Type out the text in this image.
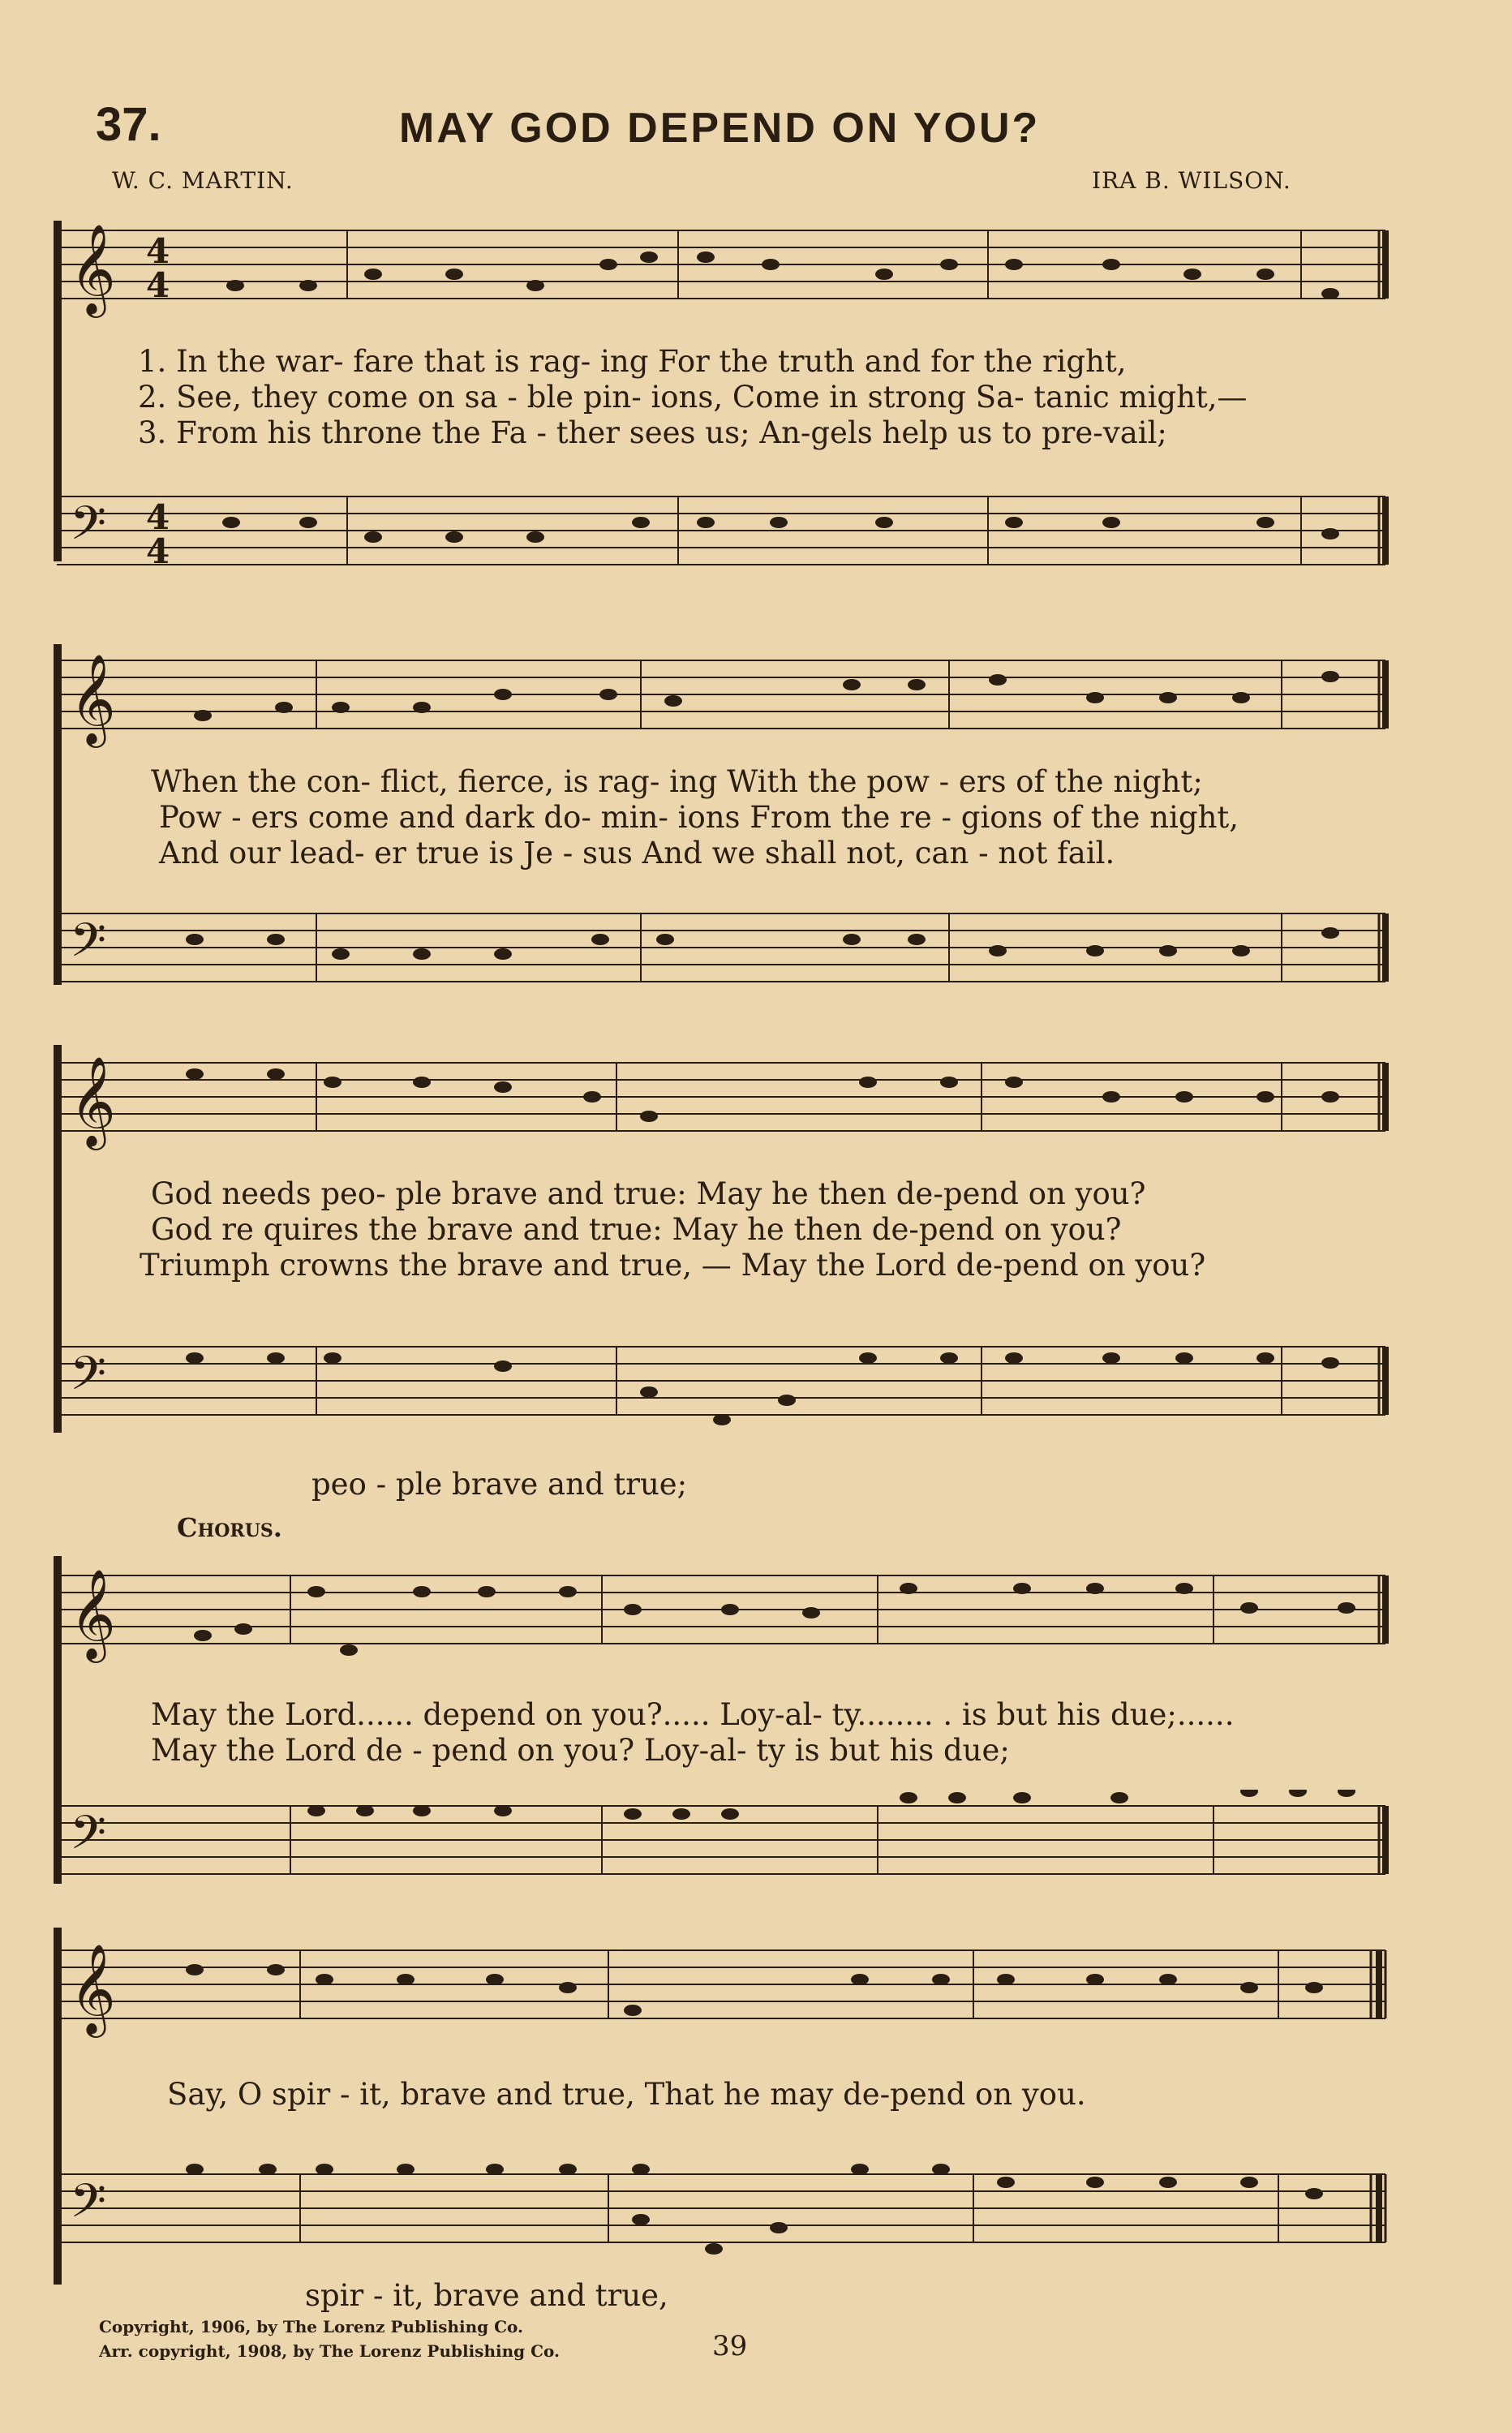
37.	MAY GOD DEPEND ON YOU?
W. C. MARTIN.	IRA B. WILSON.
𝄞 4
4
1. In the war- fare that is rag- ing For the truth and for the right,
2. See, they come on sa - ble pin- ions, Come in strong Sa- tanic might,—
3. From his throne the Fa - ther sees us; An-gels help us to pre-vail;
𝄢 4
4
𝄞
When the con- flict, fierce, is rag- ing With the pow - ers of the night;
Pow - ers come and dark do- min- ions From the re - gions of the night,
And our lead- er true is Je - sus And we shall not, can - not fail.
𝄢
𝄞
God needs peo- ple brave and true: May he then de-pend on you?
God re quires the brave and true: May he then de-pend on you?
Triumph crowns the brave and true, — May the Lord de-pend on you?
𝄢
peo - ple brave and true;
Chorus.
𝄞
May the Lord...... depend on you?..... Loy-al- ty........ . is but his due;......
May the Lord de - pend on you? Loy-al- ty is but his due;
𝄢
𝄞
Say, O spir - it, brave and true, That he may de-pend on you.
𝄢
spir - it, brave and true,
Copyright, 1906, by The Lorenz Publishing Co.
Arr. copyright, 1908, by The Lorenz Publishing Co.	39
